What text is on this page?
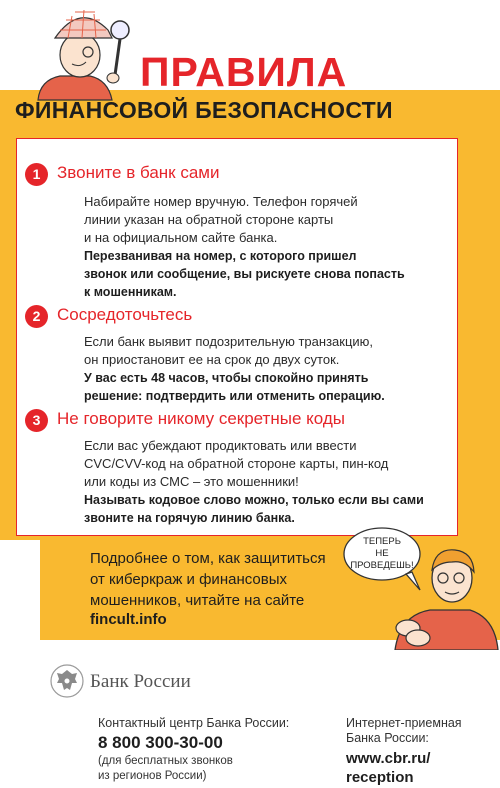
ПРАВИЛА
ФИНАНСОВОЙ БЕЗОПАСНОСТИ
1 Звоните в банк сами
Набирайте номер вручную. Телефон горячей
линии указан на обратной стороне карты
и на официальном сайте банка.
Перезванивая на номер, с которого пришел
звонок или сообщение, вы рискуете снова попасть
к мошенникам.
2 Сосредоточьтесь
Если банк выявит подозрительную транзакцию,
он приостановит ее на срок до двух суток.
У вас есть 48 часов, чтобы спокойно принять
решение: подтвердить или отменить операцию.
3 Не говорите никому секретные коды
Если вас убеждают продиктовать или ввести
CVC/CVV-код на обратной стороне карты, пин-код
или коды из СМС – это мошенники!
Называть кодовое слово можно, только если вы сами
звоните на горячую линию банка.
Подробнее о том, как защититься
от киберкраж и финансовых
мошенников, читайте на сайте
fincult.info
ТЕПЕРЬ
НЕ
ПРОВЕДЕШЬ!
Банк России
Контактный центр Банка России:
8 800 300-30-00
(для бесплатных звонков
из регионов России)
Интернет-приемная
Банка России:
www.cbr.ru/
reception
